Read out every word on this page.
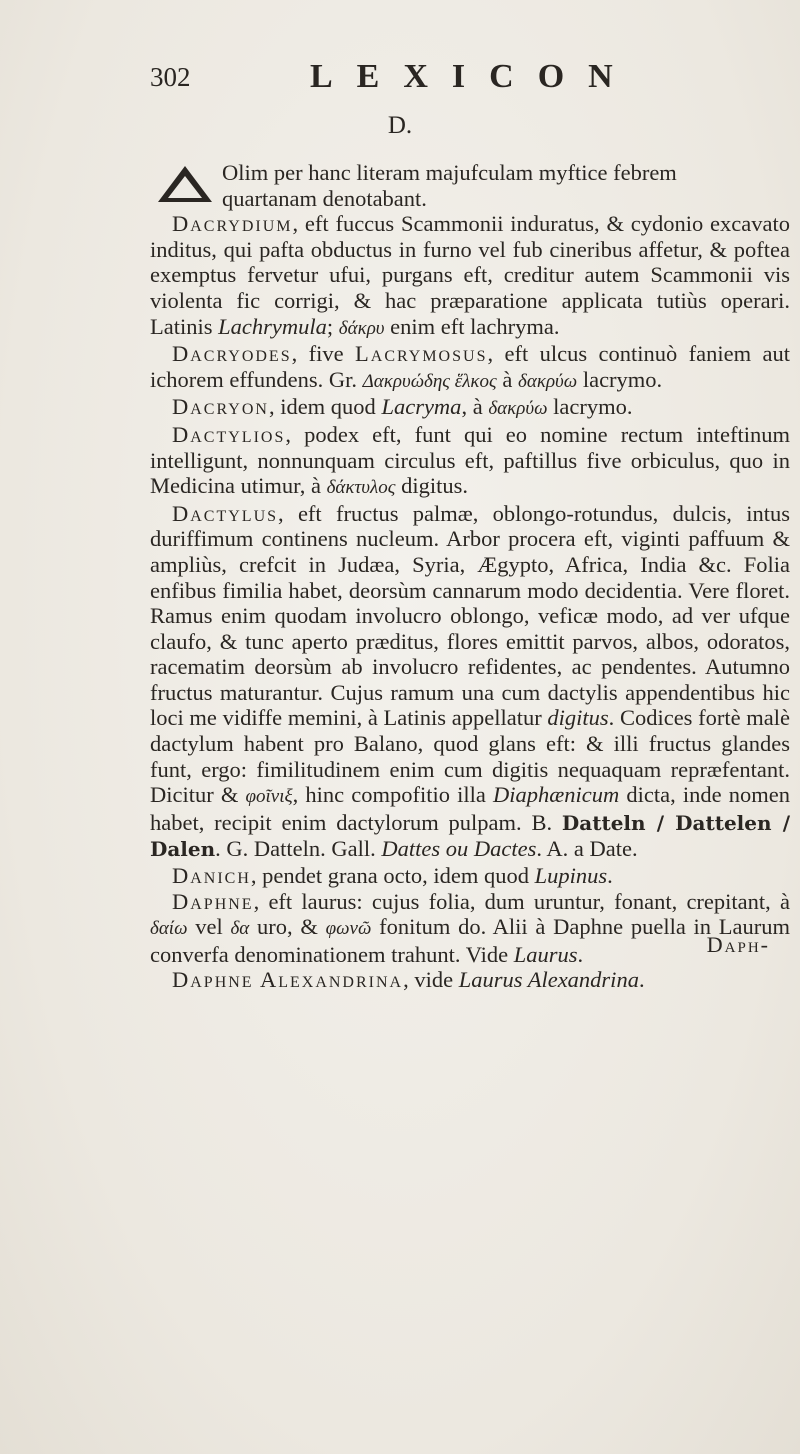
302	LEXICON
D.
Olim per hanc literam majufculam myftice febrem
quartanam denotabant.

Dacrydium, eft fuccus Scammonii induratus, & cydonio excavato inditus, qui pafta obductus in furno vel fub cineribus affetur, & poftea exemptus fervetur ufui, purgans eft, creditur autem Scammonii vis violenta fic corrigi, & hac præparatione applicata tutiùs operari. Latinis Lachrymula; δάκρυ enim eft lachryma.

Dacryodes, five Lacrymosus, eft ulcus continuò faniem aut ichorem effundens. Gr. Δακρυώδης ἕλκος à δακρύω lacrymo.

Dacryon, idem quod Lacryma, à δακρύω lacrymo.

Dactylios, podex eft, funt qui eo nomine rectum inteftinum intelligunt, nonnunquam circulus eft, paftillus five orbiculus, quo in Medicina utimur, à δάκτυλος digitus.

Dactylus, eft fructus palmæ, oblongo-rotundus, dulcis, intus duriffimum continens nucleum. Arbor procera eft, viginti paffuum & ampliùs, crefcit in Judæa, Syria, Ægypto, Africa, India &c. Folia enfibus fimilia habet, deorsùm cannarum modo decidentia. Vere floret. Ramus enim quodam involucro oblongo, veficæ modo, ad ver ufque claufo, & tunc aperto præditus, flores emittit parvos, albos, odoratos, racematim deorsùm ab involucro refidentes, ac pendentes. Autumno fructus maturantur. Cujus ramum una cum dactylis appendentibus hic loci me vidiffe memini, à Latinis appellatur digitus. Codices fortè malè dactylum habent pro Balano, quod glans eft: & illi fructus glandes funt, ergo: fimilitudinem enim cum digitis nequaquam repræfentant. Dicitur & φοῖνιξ, hinc compofitio illa Diaphænicum dicta, inde nomen habet, recipit enim dactylorum pulpam. B. Datteln / Dattelen / Dalen. G. Datteln. Gall. Dattes ou Dactes. A. a Date.

Danich, pendet grana octo, idem quod Lupinus.

Daphne, eft laurus: cujus folia, dum uruntur, fonant, crepitant, à δαίω vel δα uro, & φωνῶ fonitum do. Alii à Daphne puella in Laurum converfa denominationem trahunt. Vide Laurus.

Daphne Alexandrina, vide Laurus Alexandrina.

Daph-
